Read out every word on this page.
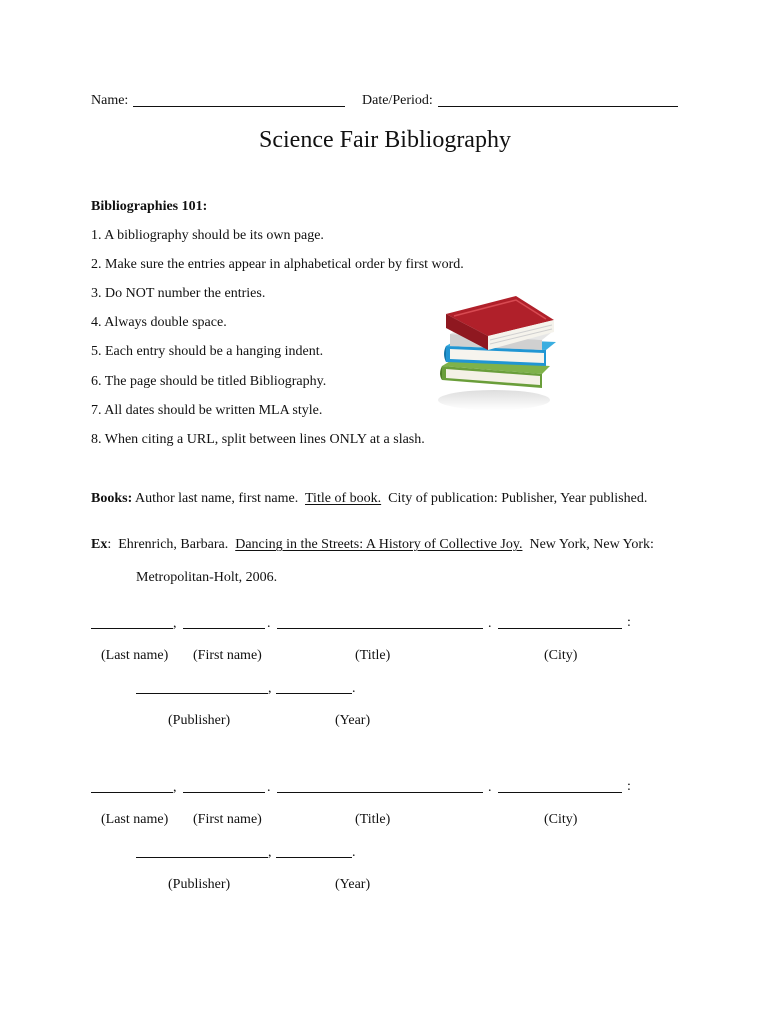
Name:	Date/Period:
Science Fair Bibliography
Bibliographies 101:
1. A bibliography should be its own page.
2. Make sure the entries appear in alphabetical order by first word.
3. Do NOT number the entries.
4. Always double space.
5. Each entry should be a hanging indent.
6. The page should be titled Bibliography.
7. All dates should be written MLA style.
8. When citing a URL, split between lines ONLY at a slash.
Books: Author last name, first name.  Title of book.  City of publication: Publisher, Year published.
Ex:  Ehrenrich, Barbara.  Dancing in the Streets: A History of Collective Joy.  New York, New York:
Metropolitan-Holt, 2006.
,	.	.	:
(Last name) (First name)	(Title)	(City)
,	.
(Publisher)	(Year)
,	.	.	:
(Last name) (First name)	(Title)	(City)
,	.
(Publisher)	(Year)
